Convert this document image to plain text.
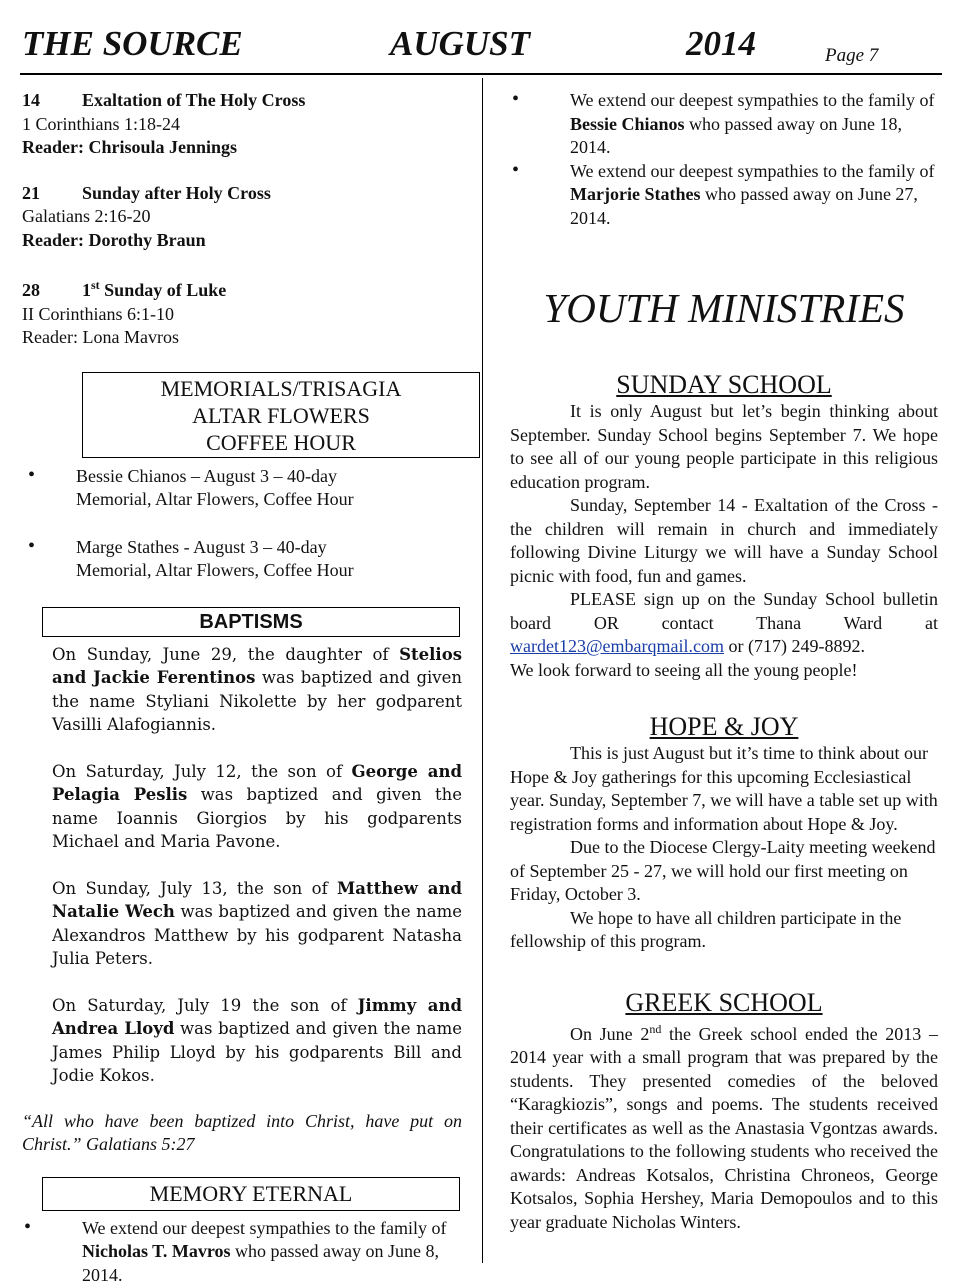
THE SOURCE	AUGUST	2014	Page 7
14 Exaltation of The Holy Cross
1 Corinthians 1:18-24
Reader: Chrisoula Jennings
21 Sunday after Holy Cross
Galatians 2:16-20
Reader: Dorothy Braun
28 1st Sunday of Luke
II Corinthians 6:1-10
Reader: Lona Mavros
MEMORIALS/TRISAGIA
ALTAR FLOWERS
COFFEE HOUR
• Bessie Chianos – August 3 – 40-day
Memorial, Altar Flowers, Coffee Hour
• Marge Stathes - August 3 – 40-day
Memorial, Altar Flowers, Coffee Hour
BAPTISMS
On Sunday, June 29, the daughter of Stelios and Jackie Ferentinos was baptized and given the name Styliani Nikolette by her godparent Vasilli Alafogiannis.
On Saturday, July 12, the son of George and Pelagia Peslis was baptized and given the name Ioannis Giorgios by his godparents Michael and Maria Pavone.
On Sunday, July 13, the son of Matthew and Natalie Wech was baptized and given the name Alexandros Matthew by his godparent Natasha Julia Peters.
On Saturday, July 19 the son of Jimmy and Andrea Lloyd was baptized and given the name James Philip Lloyd by his godparents Bill and Jodie Kokos.
“All who have been baptized into Christ, have put on Christ.” Galatians 5:27
MEMORY ETERNAL
• We extend our deepest sympathies to the family of Nicholas T. Mavros who passed away on June 8, 2014.
• We extend our deepest sympathies to the family of Bessie Chianos who passed away on June 18, 2014.
• We extend our deepest sympathies to the family of Marjorie Stathes who passed away on June 27, 2014.
YOUTH MINISTRIES
SUNDAY SCHOOL
It is only August but let’s begin thinking about September. Sunday School begins September 7. We hope to see all of our young people participate in this religious education program.
Sunday, September 14 - Exaltation of the Cross - the children will remain in church and immediately following Divine Liturgy we will have a Sunday School picnic with food, fun and games.
PLEASE sign up on the Sunday School bulletin board OR contact Thana Ward at wardet123@embarqmail.com or (717) 249-8892.
We look forward to seeing all the young people!
HOPE & JOY
This is just August but it’s time to think about our Hope & Joy gatherings for this upcoming Ecclesiastical year. Sunday, September 7, we will have a table set up with registration forms and information about Hope & Joy.
Due to the Diocese Clergy-Laity meeting weekend of September 25 - 27, we will hold our first meeting on Friday, October 3.
We hope to have all children participate in the fellowship of this program.
GREEK SCHOOL
On June 2nd the Greek school ended the 2013 – 2014 year with a small program that was prepared by the students. They presented comedies of the beloved “Karagkiozis”, songs and poems. The students received their certificates as well as the Anastasia Vgontzas awards. Congratulations to the following students who received the awards: Andreas Kotsalos, Christina Chroneos, George Kotsalos, Sophia Hershey, Maria Demopoulos and to this year graduate Nicholas Winters.
